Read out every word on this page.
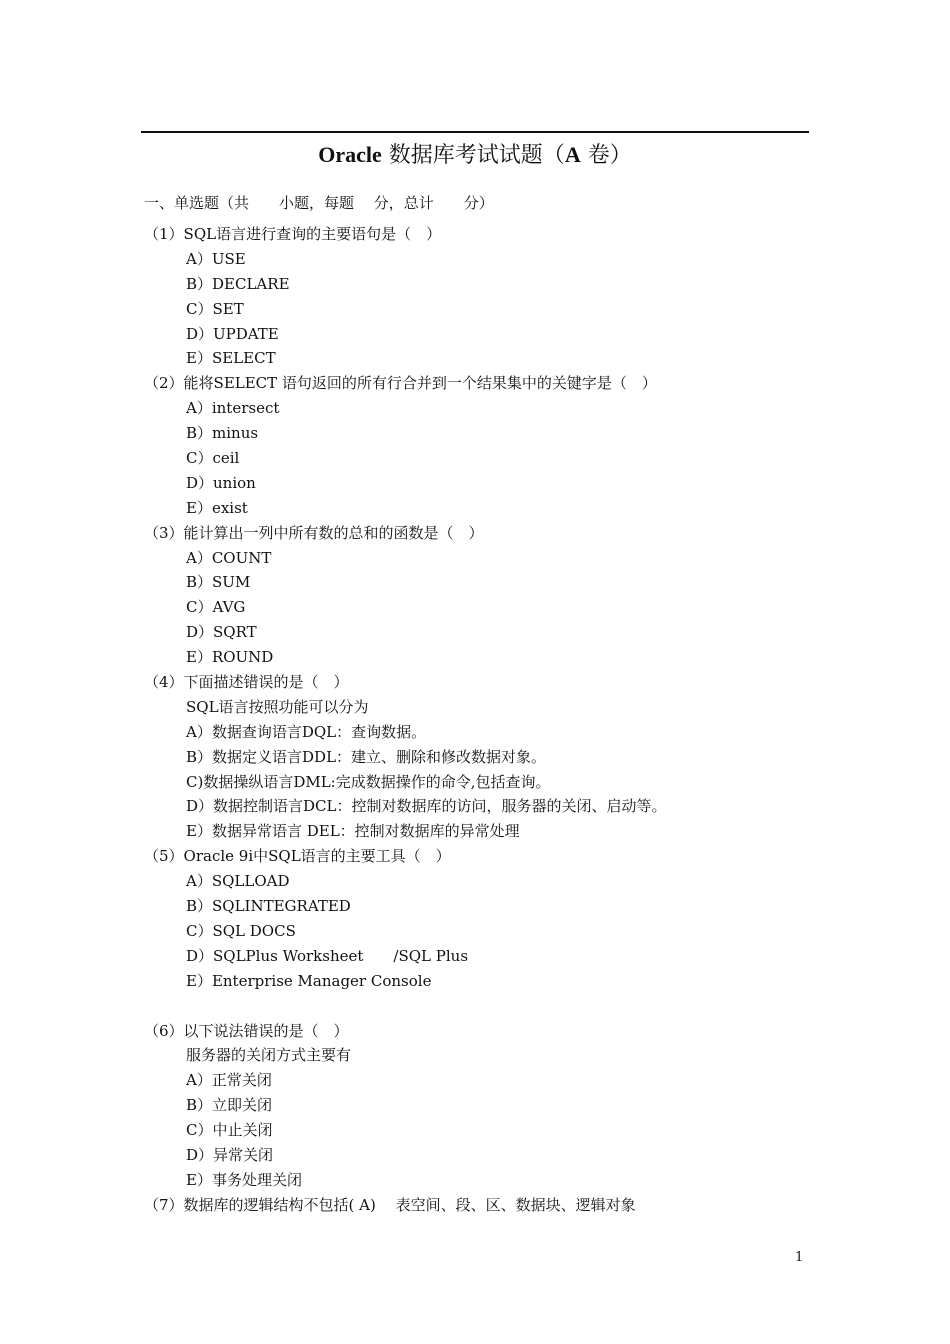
Oracle 数据库考试试题（A 卷）
一、单选题（共　　小题，每题　 分，总计　　分）
（1）SQL语言进行查询的主要语句是（　）
A）USE
B）DECLARE
C）SET
D）UPDATE
E）SELECT
（2）能将SELECT 语句返回的所有行合并到一个结果集中的关键字是（　）
A）intersect
B）minus
C）ceil
D）union
E）exist
（3）能计算出一列中所有数的总和的函数是（　）
A）COUNT
B）SUM
C）AVG
D）SQRT
E）ROUND
（4）下面描述错误的是（　）
SQL语言按照功能可以分为
A）数据查询语言DQL：查询数据。
B）数据定义语言DDL：建立、删除和修改数据对象。
C)数据操纵语言DML:完成数据操作的命令,包括查询。
D）数据控制语言DCL：控制对数据库的访问，服务器的关闭、启动等。
E）数据异常语言 DEL：控制对数据库的异常处理
（5）Oracle 9i中SQL语言的主要工具（　）
A）SQLLOAD
B）SQLINTEGRATED
C）SQL DOCS
D）SQLPlus Worksheet　　/SQL Plus
E）Enterprise Manager Console
（6）以下说法错误的是（　）
服务器的关闭方式主要有
A）正常关闭
B）立即关闭
C）中止关闭
D）异常关闭
E）事务处理关闭
（7）数据库的逻辑结构不包括( A)　 表空间、段、区、数据块、逻辑对象
1
